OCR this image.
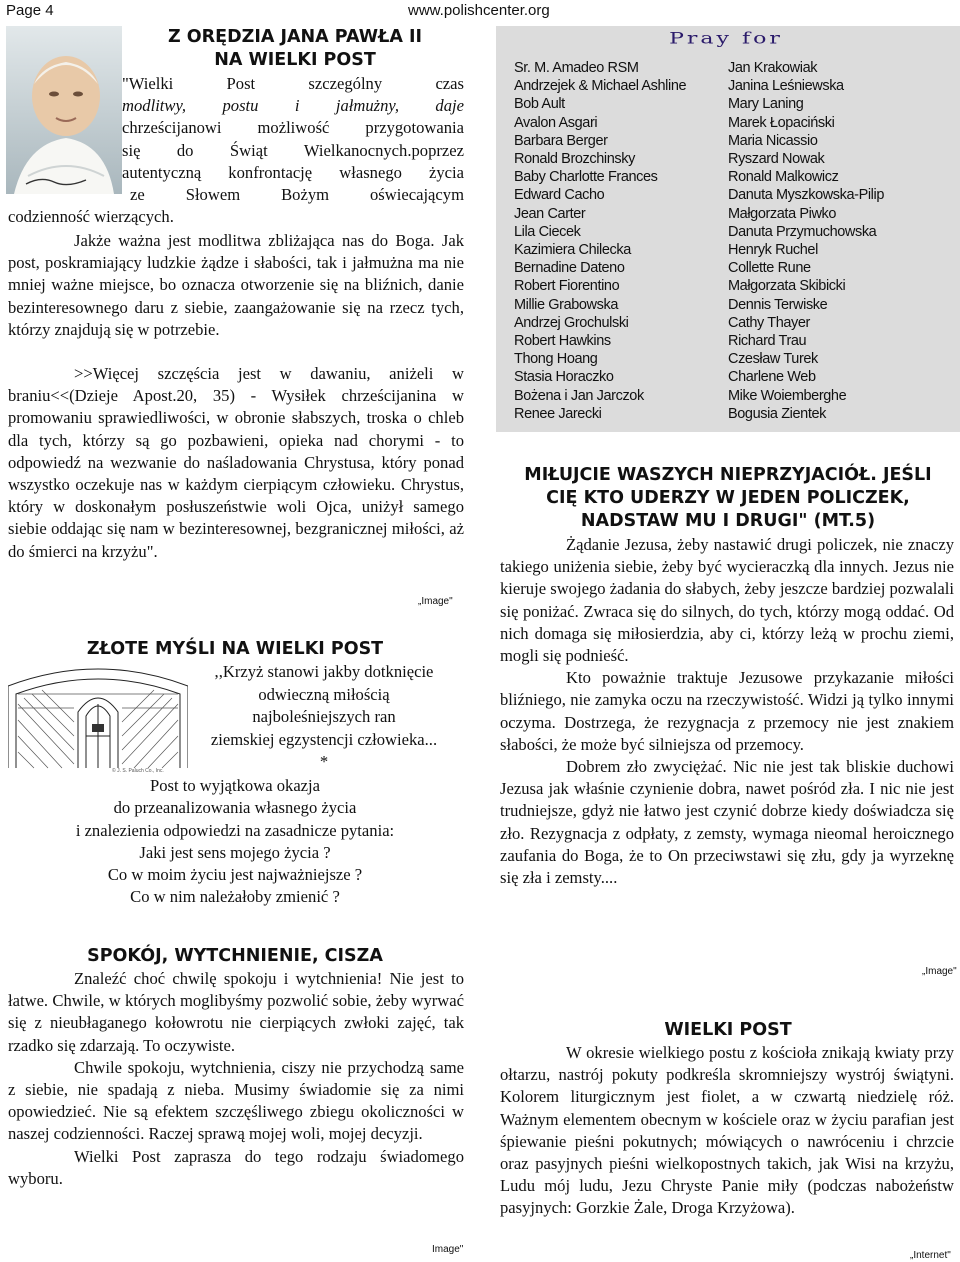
Page 4	www.polishcenter.org
Z ORĘDZIA JANA PAWŁA II
NA WIELKI POST
"Wielki Post szczególny czas
modlitwy, postu i jałmużny, daje
chrześcijanowi możliwość przygotowania
się do Świąt Wielkanocnych.poprzez
autentyczną konfrontację własnego życia
ze Słowem Bożym oświecającym
codzienność wierzących.

Jakże ważna jest modlitwa zbliżająca nas do Boga. Jak post, poskramiający ludzkie żądze i słabości, tak i jałmużna ma nie mniej ważne miejsce, bo oznacza otworzenie się na bliźnich, danie bezinteresownego daru z siebie, zaangażowanie się na rzecz tych, którzy znajdują się w potrzebie.

>>Więcej szczęścia jest w dawaniu, aniżeli w braniu<<(Dzieje Apost.20, 35) - Wysiłek chrześcijanina w promowaniu sprawiedliwości, w obronie słabszych, troska o chleb dla tych, którzy są go pozbawieni, opieka nad chorymi - to odpowiedź na wezwanie do naśladowania Chrystusa, który ponad wszystko oczekuje nas w każdym cierpiącym człowieku. Chrystus, który w doskonałym posłuszeństwie woli Ojca, uniżył samego siebie oddając się nam w bezinteresownej, bezgranicznej miłości, aż do śmierci na krzyżu".

„Image"
ZŁOTE MYŚLI NA WIELKI POST
© J. S. Paluch Co., Inc.
,,Krzyż stanowi jakby dotknięcie
odwieczną miłością
najboleśniejszych ran
ziemskiej egzystencji człowieka...
*
Post to wyjątkowa okazja
do przeanalizowania własnego życia
i znalezienia odpowiedzi na zasadnicze pytania:
Jaki jest sens mojego życia ?
Co w moim życiu jest najważniejsze ?
Co w nim należałoby zmienić ?
SPOKÓJ, WYTCHNIENIE, CISZA

Znaleźć choć chwilę spokoju i wytchnienia! Nie jest to łatwe. Chwile, w których moglibyśmy pozwolić sobie, żeby wyrwać się z nieubłaganego kołowrotu nie cierpiących zwłoki zajęć, tak rzadko się zdarzają. To oczywiste.

Chwile spokoju, wytchnienia, ciszy nie przychodzą same z siebie, nie spadają z nieba. Musimy świadomie się za nimi opowiedzieć. Nie są efektem szczęśliwego zbiegu okoliczności w naszej codzienności. Raczej sprawą mojej woli, mojej decyzji.

Wielki Post zaprasza do tego rodzaju świadomego wyboru.

Image"
Pray for
Sr. M. Amadeo RSM
Andrzejek & Michael Ashline
Bob Ault
Avalon Asgari
Barbara Berger
Ronald Brozchinsky
Baby Charlotte Frances
Edward Cacho
Jean Carter
Lila Ciecek
Kazimiera Chilecka
Bernadine Dateno
Robert Fiorentino
Millie Grabowska
Andrzej Grochulski
Robert Hawkins
Thong Hoang
Stasia Horaczko
Bożena i Jan Jarczok
Renee Jarecki
Jan Krakowiak
Janina Leśniewska
Mary Laning
Marek Łopaciński
Maria Nicassio
Ryszard Nowak
Ronald Malkowicz
Danuta Myszkowska-Pilip
Małgorzata Piwko
Danuta Przymuchowska
Henryk Ruchel
Collette Rune
Małgorzata Skibicki
Dennis Terwiske
Cathy Thayer
Richard Trau
Czesław Turek
Charlene Web
Mike Woiemberghe
Bogusia Zientek
MIŁUJCIE WASZYCH NIEPRZYJACIÓŁ. JEŚLI
CIĘ KTO UDERZY W JEDEN POLICZEK,
NADSTAW MU I DRUGI" (MT.5)

Żądanie Jezusa, żeby nastawić drugi policzek, nie znaczy takiego uniżenia siebie, żeby być wycieraczką dla innych. Jezus nie kieruje swojego żadania do słabych, żeby jeszcze bardziej pozwalali się poniżać. Zwraca się do silnych, do tych, którzy mogą oddać. Od nich domaga się miłosierdzia, aby ci, którzy leżą w prochu ziemi, mogli się podnieść.

Kto poważnie traktuje Jezusowe przykazanie miłości bliźniego, nie zamyka oczu na rzeczywistość. Widzi ją tylko innymi oczyma. Dostrzega, że rezygnacja z przemocy nie jest znakiem słabości, że może być silniejsza od przemocy.

Dobrem zło zwyciężać. Nic nie jest tak bliskie duchowi Jezusa jak właśnie czynienie dobra, nawet pośród zła. I nic nie jest trudniejsze, gdyż nie łatwo jest czynić dobrze kiedy doświadcza się zło. Rezygnacja z odpłaty, z zemsty, wymaga nieomal heroicznego zaufania do Boga, że to On przeciwstawi się złu, gdy ja wyrzeknę się zła i zemsty....

„Image"
WIELKI POST

W okresie wielkiego postu z kościoła znikają kwiaty przy ołtarzu, nastrój pokuty podkreśla skromniejszy wystrój świątyni. Kolorem liturgicznym jest fiolet, a w czwartą niedzielę róż. Ważnym elementem obecnym w kościele oraz w życiu parafian jest śpiewanie pieśni pokutnych; mówiących o nawróceniu i chrzcie oraz pasyjnych pieśni wielkopostnych takich, jak Wisi na krzyżu, Ludu mój ludu, Jezu Chryste Panie miły (podczas nabożeństw pasyjnych: Gorzkie Żale, Droga Krzyżowa).

„Internet"
